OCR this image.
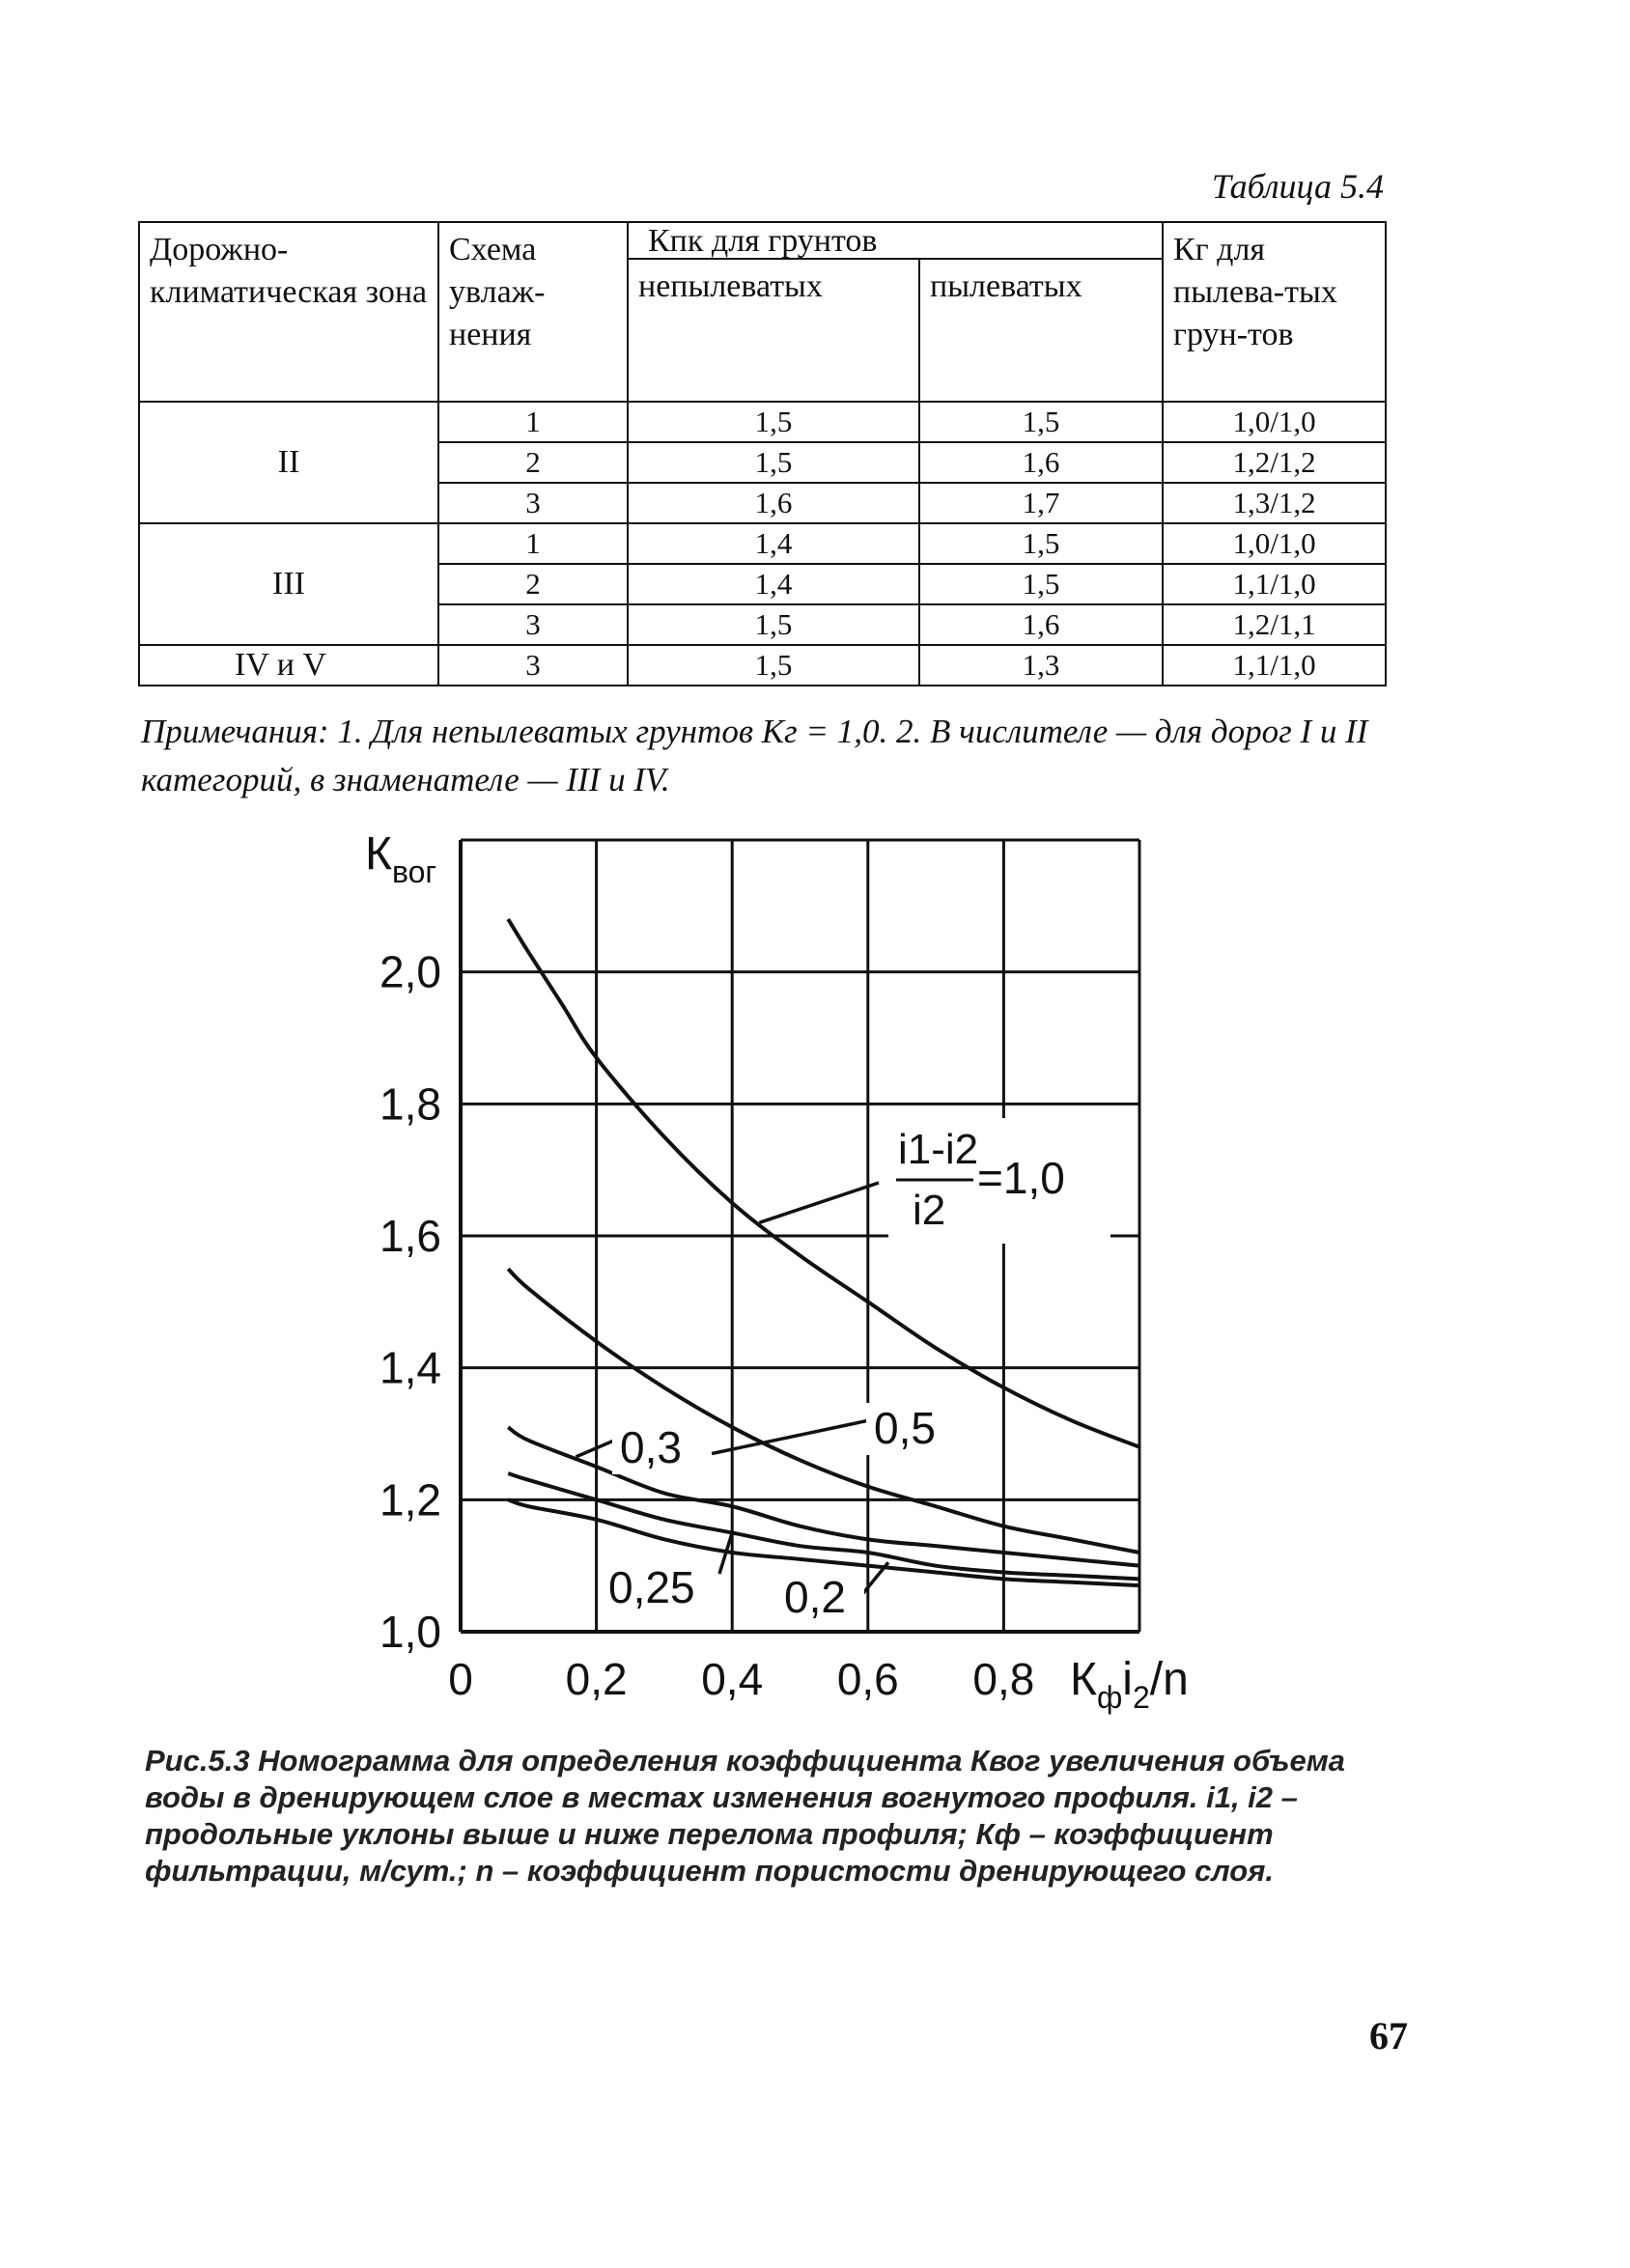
Таблица 5.4
Дорожно-климатическая зона	Схема увлаж-нения	Кпк для грунтов		Кг для пылева-тых грун-тов
		непылеватых	пылеватых	
II	1	1,5	1,5	1,0/1,0
	2	1,5	1,6	1,2/1,2
	3	1,6	1,7	1,3/1,2
III	1	1,4	1,5	1,0/1,0
	2	1,4	1,5	1,1/1,0
	3	1,5	1,6	1,2/1,1
IV и V	3	1,5	1,3	1,1/1,0
Примечания: 1. Для непылеватых грунтов Кг = 1,0. 2. В числителе — для дорог I и II категорий, в знаменателе — III и IV.
0 0,2 0,4 0,6 0,8
1,0
1,2
1,4
1,6
1,8
2,0
$К_{вог}$
$К_фi_2/n$
i1-i2
i2
=1,0
0,5
0,3
0,25 0,2
Рис.5.3 Номограмма для определения коэффициента Квог увеличения объема воды в дренирующем слое в местах изменения вогнутого профиля. i1, i2 – продольные уклоны выше и ниже перелома профиля; Кф – коэффициент фильтрации, м/сут.; n – коэффициент пористости дренирующего слоя.
67
